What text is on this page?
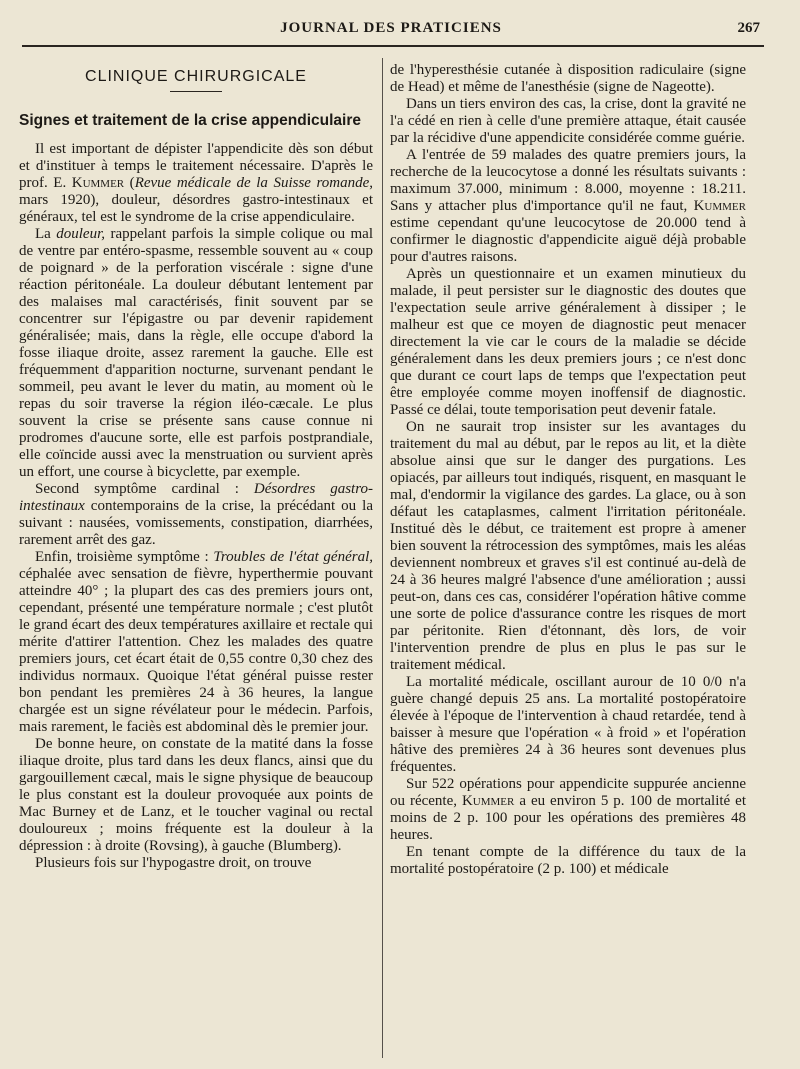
JOURNAL DES PRATICIENS	267
CLINIQUE CHIRURGICALE
Signes et traitement de la crise appendiculaire

Il est important de dépister l'appendicite dès son début et d'instituer à temps le traitement nécessaire. D'après le prof. E. Kummer (Revue médicale de la Suisse romande, mars 1920), douleur, désordres gastro-intestinaux et généraux, tel est le syndrome de la crise appendiculaire.

La douleur, rappelant parfois la simple colique ou mal de ventre par entéro-spasme, ressemble souvent au « coup de poignard » de la perforation viscérale : signe d'une réaction péritonéale. La douleur débutant lentement par des malaises mal caractérisés, finit souvent par se concentrer sur l'épigastre ou par devenir rapidement généralisée; mais, dans la règle, elle occupe d'abord la fosse iliaque droite, assez rarement la gauche. Elle est fréquemment d'apparition nocturne, survenant pendant le sommeil, peu avant le lever du matin, au moment où le repas du soir traverse la région iléo-cæcale. Le plus souvent la crise se présente sans cause connue ni prodromes d'aucune sorte, elle est parfois postprandiale, elle coïncide aussi avec la menstruation ou survient après un effort, une course à bicyclette, par exemple.

Second symptôme cardinal : Désordres gastro-intestinaux contemporains de la crise, la précédant ou la suivant : nausées, vomissements, constipation, diarrhées, rarement arrêt des gaz.

Enfin, troisième symptôme : Troubles de l'état général, céphalée avec sensation de fièvre, hyperthermie pouvant atteindre 40° ; la plupart des cas des premiers jours ont, cependant, présenté une température normale ; c'est plutôt le grand écart des deux températures axillaire et rectale qui mérite d'attirer l'attention. Chez les malades des quatre premiers jours, cet écart était de 0,55 contre 0,30 chez des individus normaux. Quoique l'état général puisse rester bon pendant les premières 24 à 36 heures, la langue chargée est un signe révélateur pour le médecin. Parfois, mais rarement, le faciès est abdominal dès le premier jour.

De bonne heure, on constate de la matité dans la fosse iliaque droite, plus tard dans les deux flancs, ainsi que du gargouillement cæcal, mais le signe physique de beaucoup le plus constant est la douleur provoquée aux points de Mac Burney et de Lanz, et le toucher vaginal ou rectal douloureux ; moins fréquente est la douleur à la dépression : à droite (Rovsing), à gauche (Blumberg).

Plusieurs fois sur l'hypogastre droit, on trouve

de l'hyperesthésie cutanée à disposition radiculaire (signe de Head) et même de l'anesthésie (signe de Nageotte).

Dans un tiers environ des cas, la crise, dont la gravité ne l'a cédé en rien à celle d'une première attaque, était causée par la récidive d'une appendicite considérée comme guérie.

A l'entrée de 59 malades des quatre premiers jours, la recherche de la leucocytose a donné les résultats suivants : maximum 37.000, minimum : 8.000, moyenne : 18.211. Sans y attacher plus d'importance qu'il ne faut, Kummer estime cependant qu'une leucocytose de 20.000 tend à confirmer le diagnostic d'appendicite aiguë déjà probable pour d'autres raisons.

Après un questionnaire et un examen minutieux du malade, il peut persister sur le diagnostic des doutes que l'expectation seule arrive généralement à dissiper ; le malheur est que ce moyen de diagnostic peut menacer directement la vie car le cours de la maladie se décide généralement dans les deux premiers jours ; ce n'est donc que durant ce court laps de temps que l'expectation peut être employée comme moyen inoffensif de diagnostic. Passé ce délai, toute temporisation peut devenir fatale.

On ne saurait trop insister sur les avantages du traitement du mal au début, par le repos au lit, et la diète absolue ainsi que sur le danger des purgations. Les opiacés, par ailleurs tout indiqués, risquent, en masquant le mal, d'endormir la vigilance des gardes. La glace, ou à son défaut les cataplasmes, calment l'irritation péritonéale. Institué dès le début, ce traitement est propre à amener bien souvent la rétrocession des symptômes, mais les aléas deviennent nombreux et graves s'il est continué au-delà de 24 à 36 heures malgré l'absence d'une amélioration ; aussi peut-on, dans ces cas, considérer l'opération hâtive comme une sorte de police d'assurance contre les risques de mort par péritonite. Rien d'étonnant, dès lors, de voir l'intervention prendre de plus en plus le pas sur le traitement médical.

La mortalité médicale, oscillant aurour de 10 0/0 n'a guère changé depuis 25 ans. La mortalité postopératoire élevée à l'époque de l'intervention à chaud retardée, tend à baisser à mesure que l'opération « à froid » et l'opération hâtive des premières 24 à 36 heures sont devenues plus fréquentes.

Sur 522 opérations pour appendicite suppurée ancienne ou récente, Kummer a eu environ 5 p. 100 de mortalité et moins de 2 p. 100 pour les opérations des premières 48 heures.

En tenant compte de la différence du taux de la mortalité postopératoire (2 p. 100) et médicale
